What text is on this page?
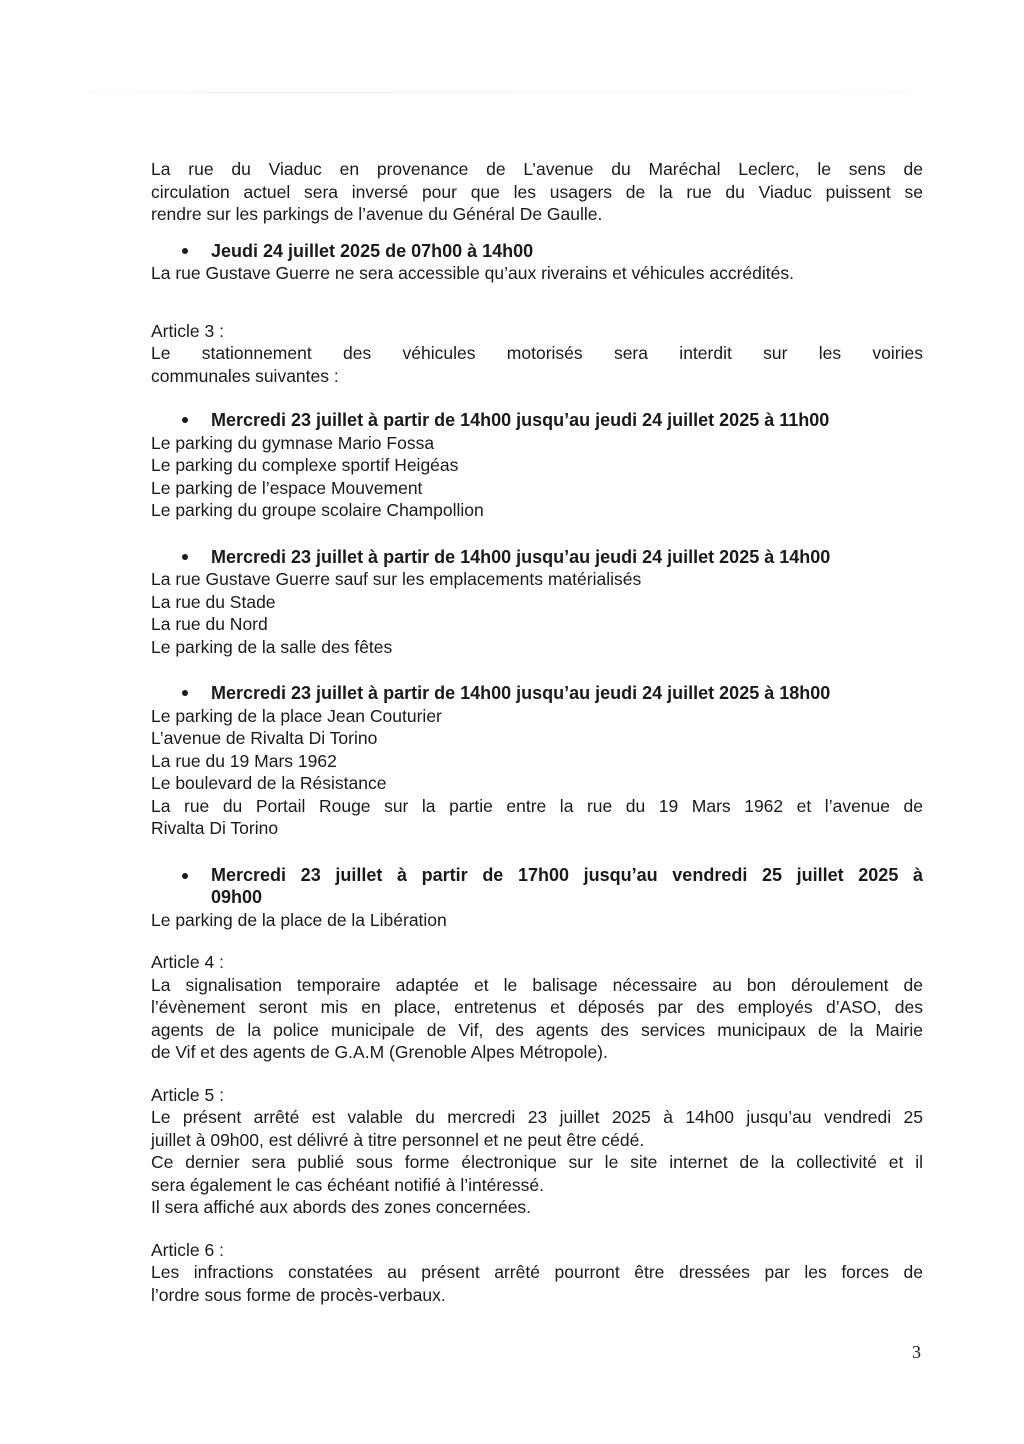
La rue du Viaduc en provenance de L’avenue du Maréchal Leclerc, le sens de
circulation actuel sera inversé pour que les usagers de la rue du Viaduc puissent se
rendre sur les parkings de l’avenue du Général De Gaulle.
Jeudi 24 juillet 2025 de 07h00 à 14h00
La rue Gustave Guerre ne sera accessible qu’aux riverains et véhicules accrédités.
Article 3 :
Le stationnement des véhicules motorisés sera interdit sur les voiries
communales suivantes :
Mercredi 23 juillet à partir de 14h00 jusqu’au jeudi 24 juillet 2025 à 11h00
Le parking du gymnase Mario Fossa
Le parking du complexe sportif Heigéas
Le parking de l’espace Mouvement
Le parking du groupe scolaire Champollion
Mercredi 23 juillet à partir de 14h00 jusqu’au jeudi 24 juillet 2025 à 14h00
La rue Gustave Guerre sauf sur les emplacements matérialisés
La rue du Stade
La rue du Nord
Le parking de la salle des fêtes
Mercredi 23 juillet à partir de 14h00 jusqu’au jeudi 24 juillet 2025 à 18h00
Le parking de la place Jean Couturier
L’avenue de Rivalta Di Torino
La rue du 19 Mars 1962
Le boulevard de la Résistance
La rue du Portail Rouge sur la partie entre la rue du 19 Mars 1962 et l’avenue de
Rivalta Di Torino
Mercredi 23 juillet à partir de 17h00 jusqu’au vendredi 25 juillet 2025 à
09h00
Le parking de la place de la Libération
Article 4 :
La signalisation temporaire adaptée et le balisage nécessaire au bon déroulement de
l’évènement seront mis en place, entretenus et déposés par des employés d’ASO, des
agents de la police municipale de Vif, des agents des services municipaux de la Mairie
de Vif et des agents de G.A.M (Grenoble Alpes Métropole).
Article 5 :
Le présent arrêté est valable du mercredi 23 juillet 2025 à 14h00 jusqu’au vendredi 25
juillet à 09h00, est délivré à titre personnel et ne peut être cédé.
Ce dernier sera publié sous forme électronique sur le site internet de la collectivité et il
sera également le cas échéant notifié à l’intéressé.
Il sera affiché aux abords des zones concernées.
Article 6 :
Les infractions constatées au présent arrêté pourront être dressées par les forces de
l’ordre sous forme de procès-verbaux.
3
